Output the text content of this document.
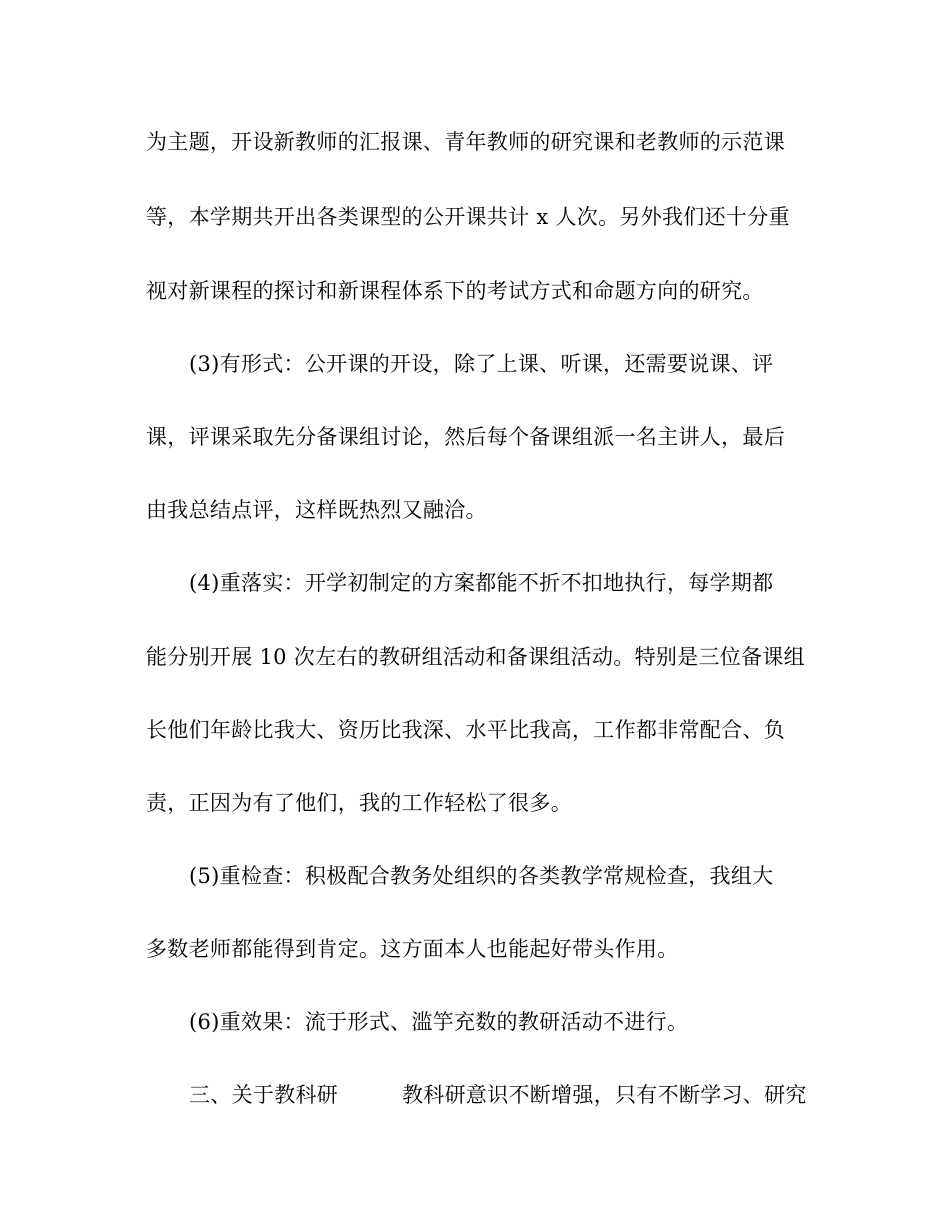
为主题，开设新教师的汇报课、青年教师的研究课和老教师的示范课
等，本学期共开出各类课型的公开课共计 x 人次。另外我们还十分重
视对新课程的探讨和新课程体系下的考试方式和命题方向的研究。
(3)有形式：公开课的开设，除了上课、听课，还需要说课、评
课，评课采取先分备课组讨论，然后每个备课组派一名主讲人，最后
由我总结点评，这样既热烈又融洽。
(4)重落实：开学初制定的方案都能不折不扣地执行，每学期都
能分别开展 10 次左右的教研组活动和备课组活动。特别是三位备课组
长他们年龄比我大、资历比我深、水平比我高，工作都非常配合、负
责，正因为有了他们，我的工作轻松了很多。
(5)重检查：积极配合教务处组织的各类教学常规检查，我组大
多数老师都能得到肯定。这方面本人也能起好带头作用。
(6)重效果：流于形式、滥竽充数的教研活动不进行。
三、关于教科研　　　教科研意识不断增强，只有不断学习、研究
